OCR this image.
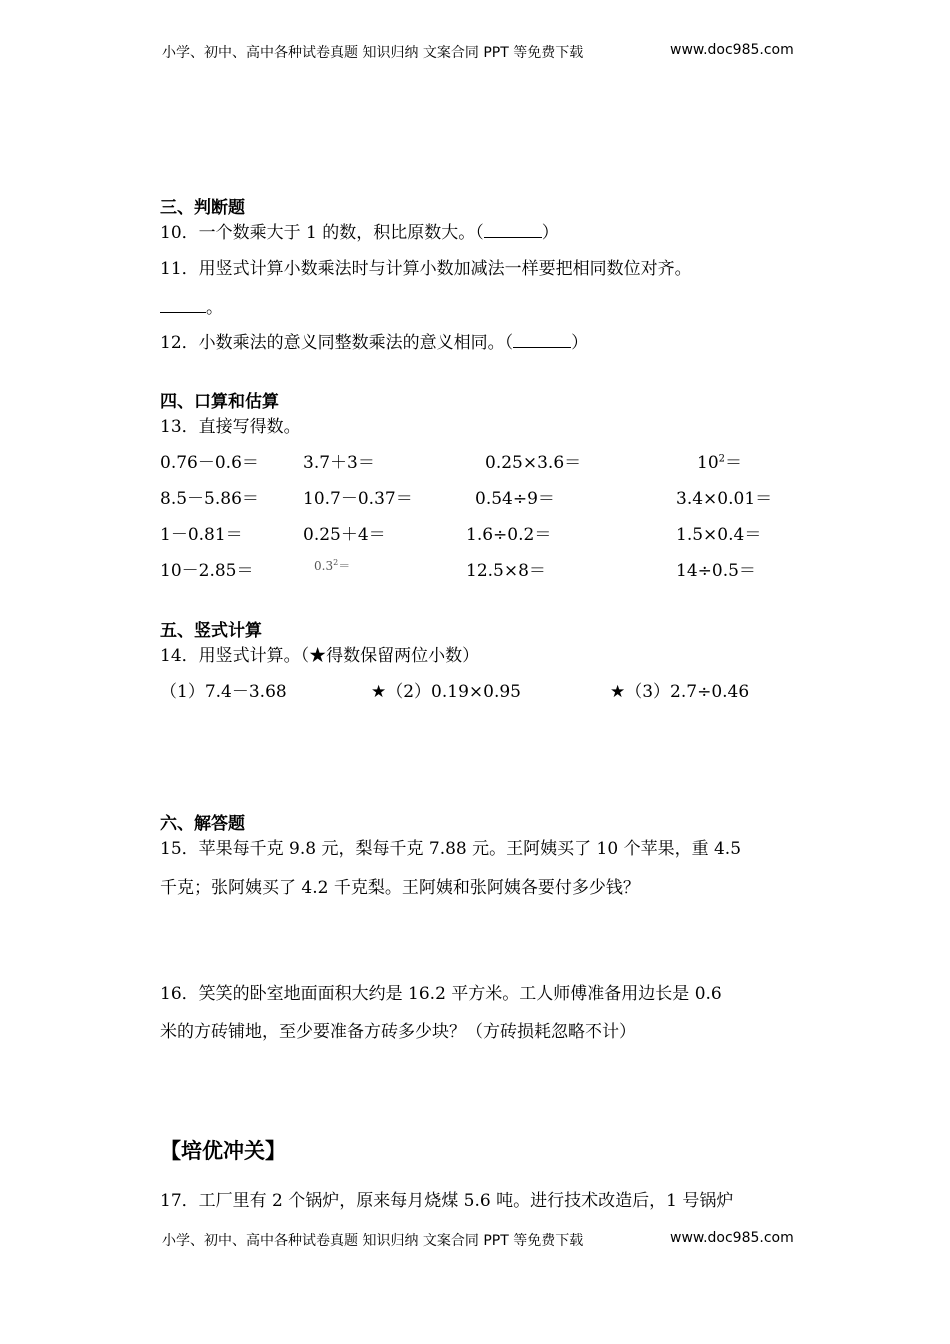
小学、初中、高中各种试卷真题 知识归纳 文案合同 PPT 等免费下载	www.doc985.com
三、判断题
10．一个数乘大于 1 的数，积比原数大。（	）
11．用竖式计算小数乘法时与计算小数加减法一样要把相同数位对齐。
。
12．小数乘法的意义同整数乘法的意义相同。（	）
四、口算和估算
13．直接写得数。
0.76－0.6＝	3.7＋3＝	0.25×3.6＝	$10^2=$
8.5－5.86＝	10.7－0.37＝	0.54÷9＝	3.4×0.01＝
1－0.81＝	0.25＋4＝	1.6÷0.2＝	1.5×0.4＝
10－2.85＝	$0.3^2=$	12.5×8＝	14÷0.5＝
五、竖式计算
14．用竖式计算。（★得数保留两位小数）
（1）7.4－3.68	★（2）0.19×0.95	★（3）2.7÷0.46
六、解答题
15．苹果每千克 9.8 元，梨每千克 7.88 元。王阿姨买了 10 个苹果，重 4.5
千克；张阿姨买了 4.2 千克梨。王阿姨和张阿姨各要付多少钱？
16．笑笑的卧室地面面积大约是 16.2 平方米。工人师傅准备用边长是 0.6
米的方砖铺地，至少要准备方砖多少块？（方砖损耗忽略不计）
【培优冲关】
17．工厂里有 2 个锅炉，原来每月烧煤 5.6 吨。进行技术改造后，1 号锅炉
小学、初中、高中各种试卷真题 知识归纳 文案合同 PPT 等免费下载	www.doc985.com
